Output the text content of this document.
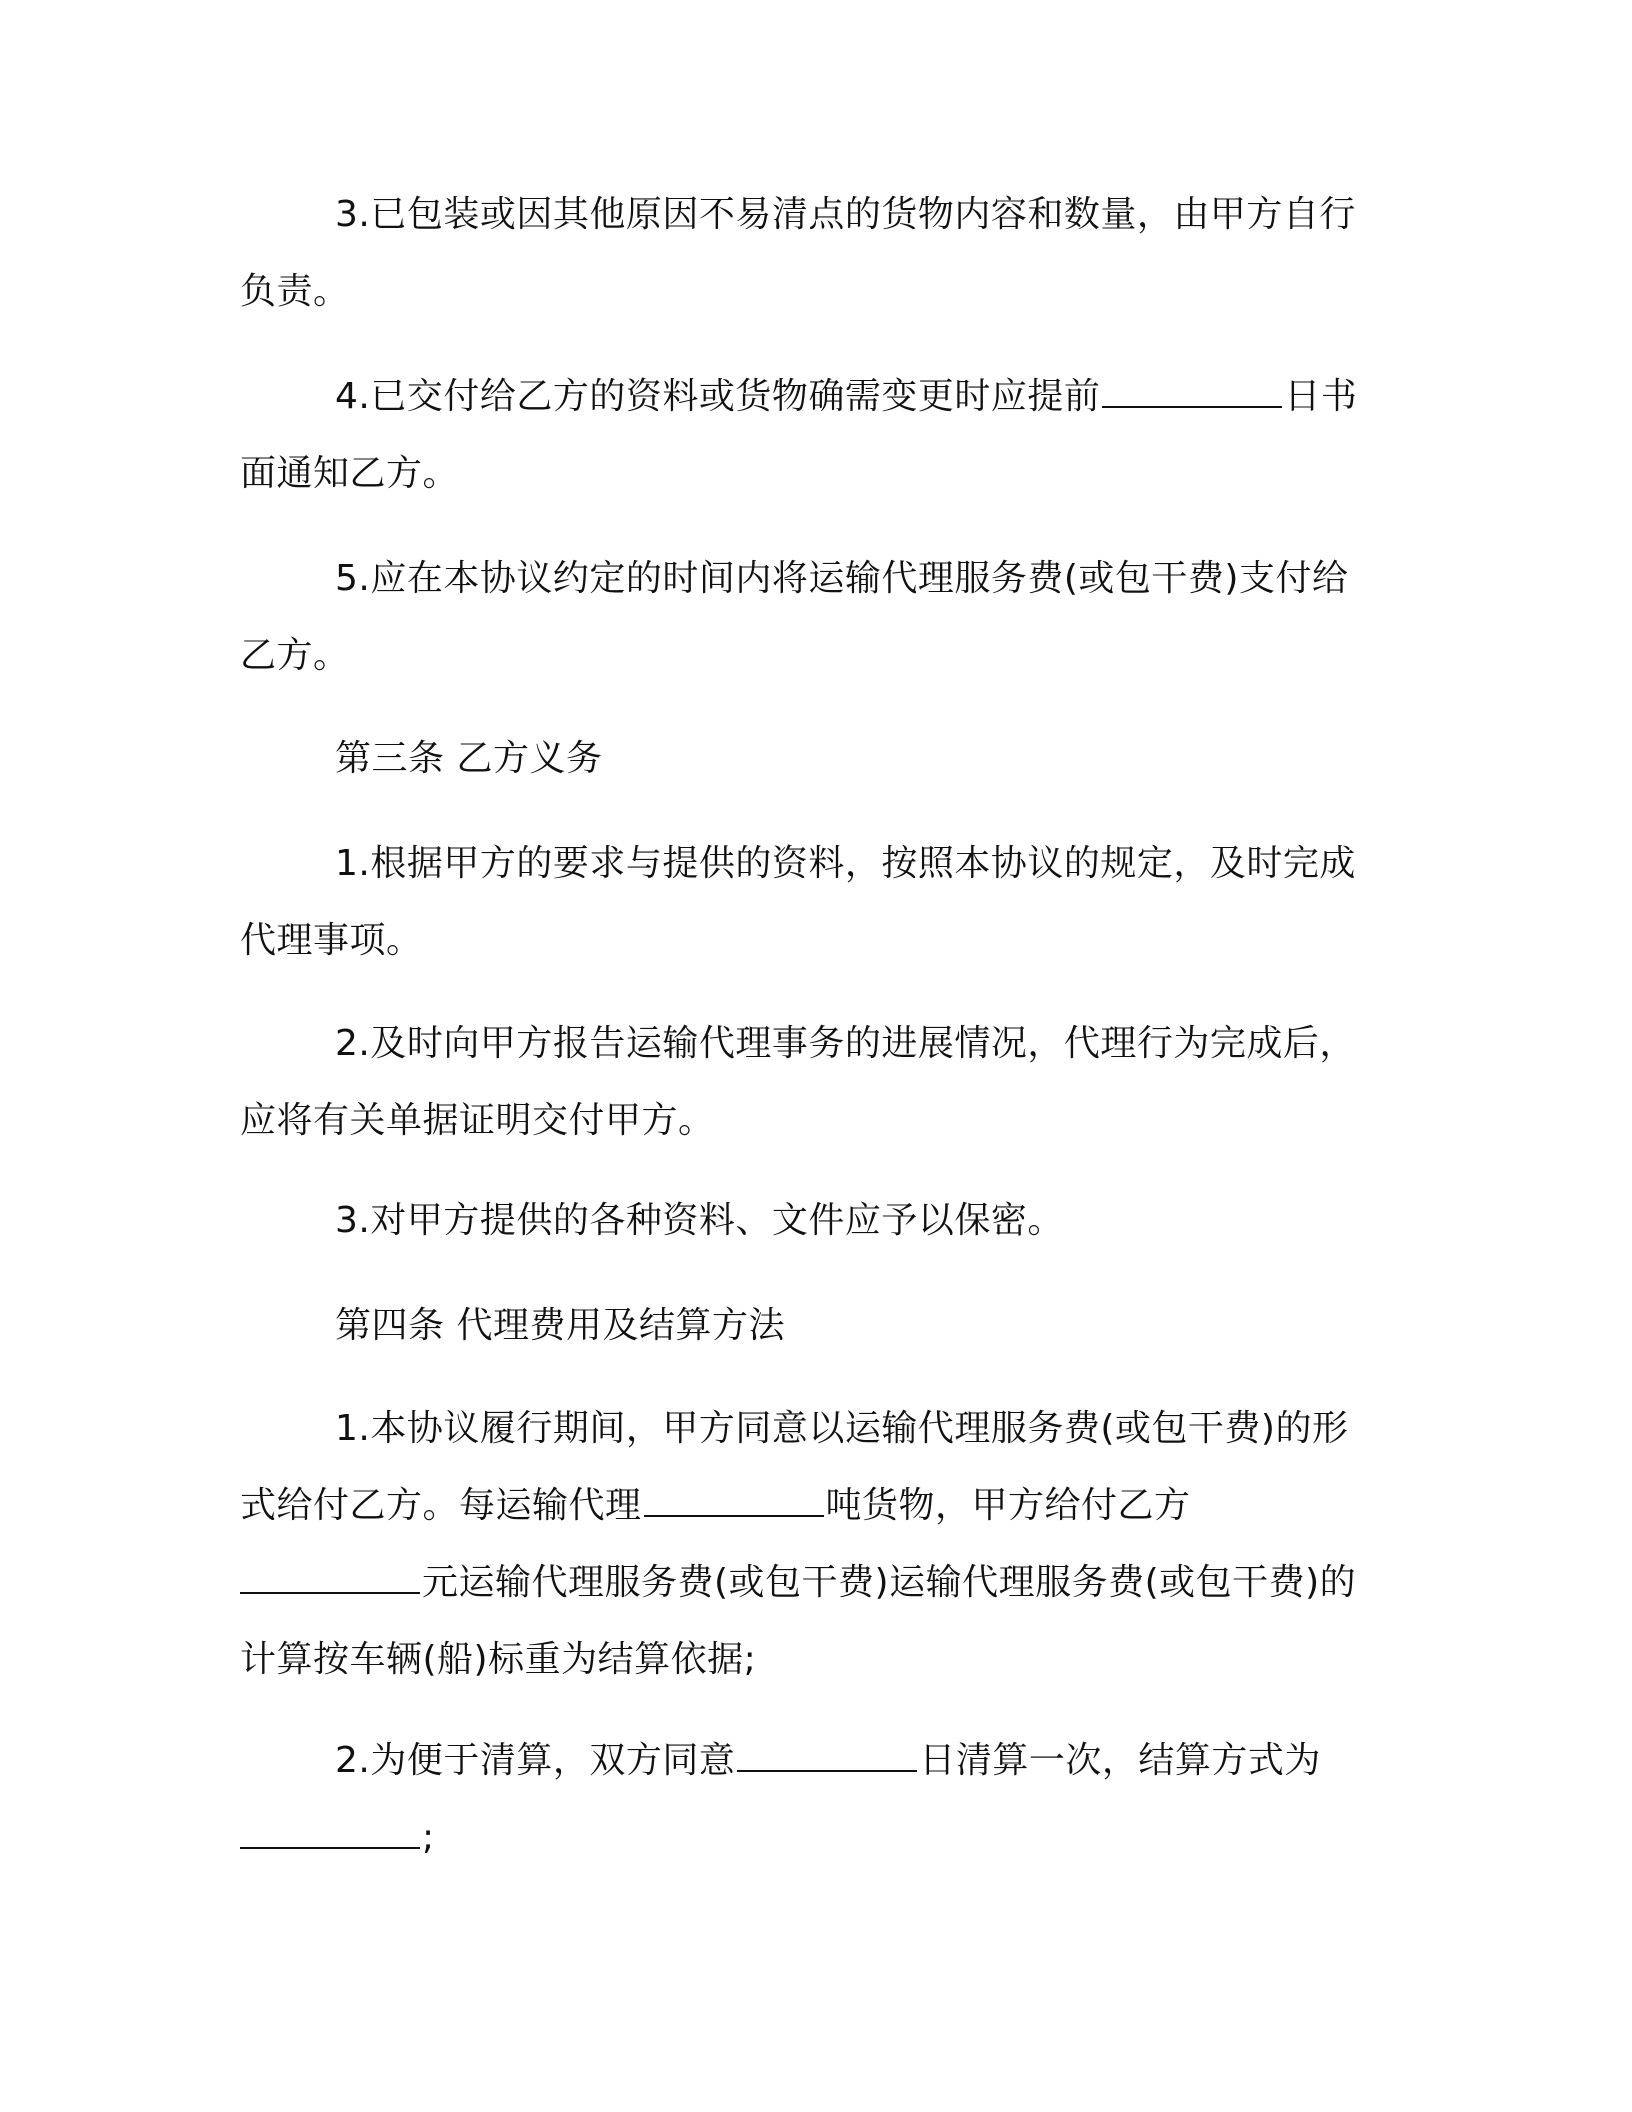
3.已包装或因其他原因不易清点的货物内容和数量，由甲方自行
负责。
4.已交付给乙方的资料或货物确需变更时应提前	日书
面通知乙方。
5.应在本协议约定的时间内将运输代理服务费(或包干费)支付给
乙方。
第三条 乙方义务
1.根据甲方的要求与提供的资料，按照本协议的规定，及时完成
代理事项。
2.及时向甲方报告运输代理事务的进展情况，代理行为完成后，
应将有关单据证明交付甲方。
3.对甲方提供的各种资料、文件应予以保密。
第四条 代理费用及结算方法
1.本协议履行期间，甲方同意以运输代理服务费(或包干费)的形
式给付乙方。每运输代理	吨货物，甲方给付乙方
元运输代理服务费(或包干费)运输代理服务费(或包干费)的
计算按车辆(船)标重为结算依据;
2.为便于清算，双方同意	日清算一次，结算方式为
;
